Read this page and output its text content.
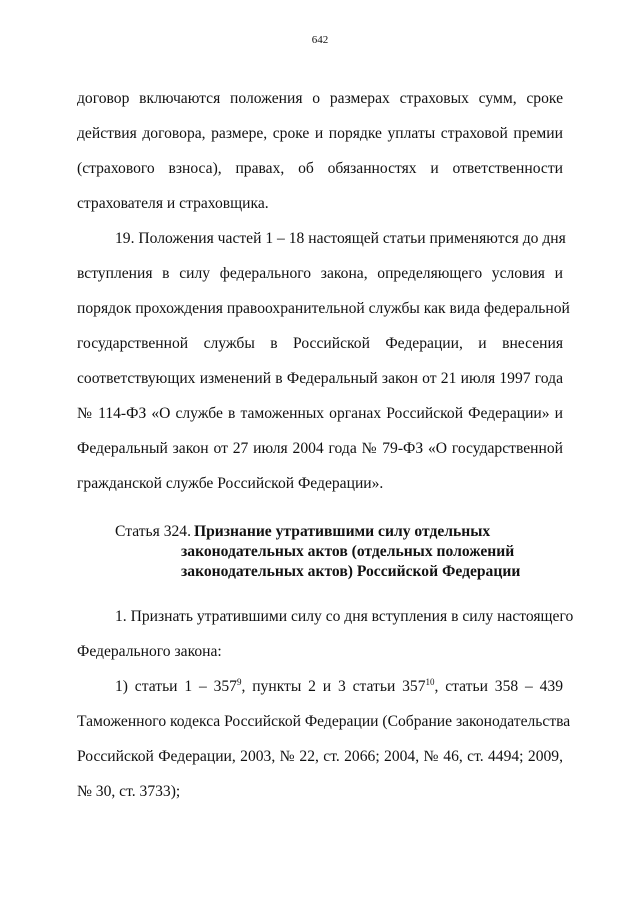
642
договор включаются положения о размерах страховых сумм, сроке
действия договора, размере, сроке и порядке уплаты страховой премии
(страхового взноса), правах, об обязанностях и ответственности
страхователя и страховщика.
19. Положения частей 1 – 18 настоящей статьи применяются до дня
вступления в силу федерального закона, определяющего условия и
порядок прохождения правоохранительной службы как вида федеральной
государственной службы в Российской Федерации, и внесения
соответствующих изменений в Федеральный закон от 21 июля 1997 года
№ 114-ФЗ «О службе в таможенных органах Российской Федерации» и
Федеральный закон от 27 июля 2004 года № 79-ФЗ «О государственной
гражданской службе Российской Федерации».
Статья 324. Признание утратившими силу отдельных
законодательных актов (отдельных положений
законодательных актов) Российской Федерации
1. Признать утратившими силу со дня вступления в силу настоящего
Федерального закона:
1) статьи $1 - 357^9$, пункты 2 и 3 статьи $357^{10}$, статьи 358 – 439
Таможенного кодекса Российской Федерации (Собрание законодательства
Российской Федерации, 2003, № 22, ст. 2066; 2004, № 46, ст. 4494; 2009,
№ 30, ст. 3733);
